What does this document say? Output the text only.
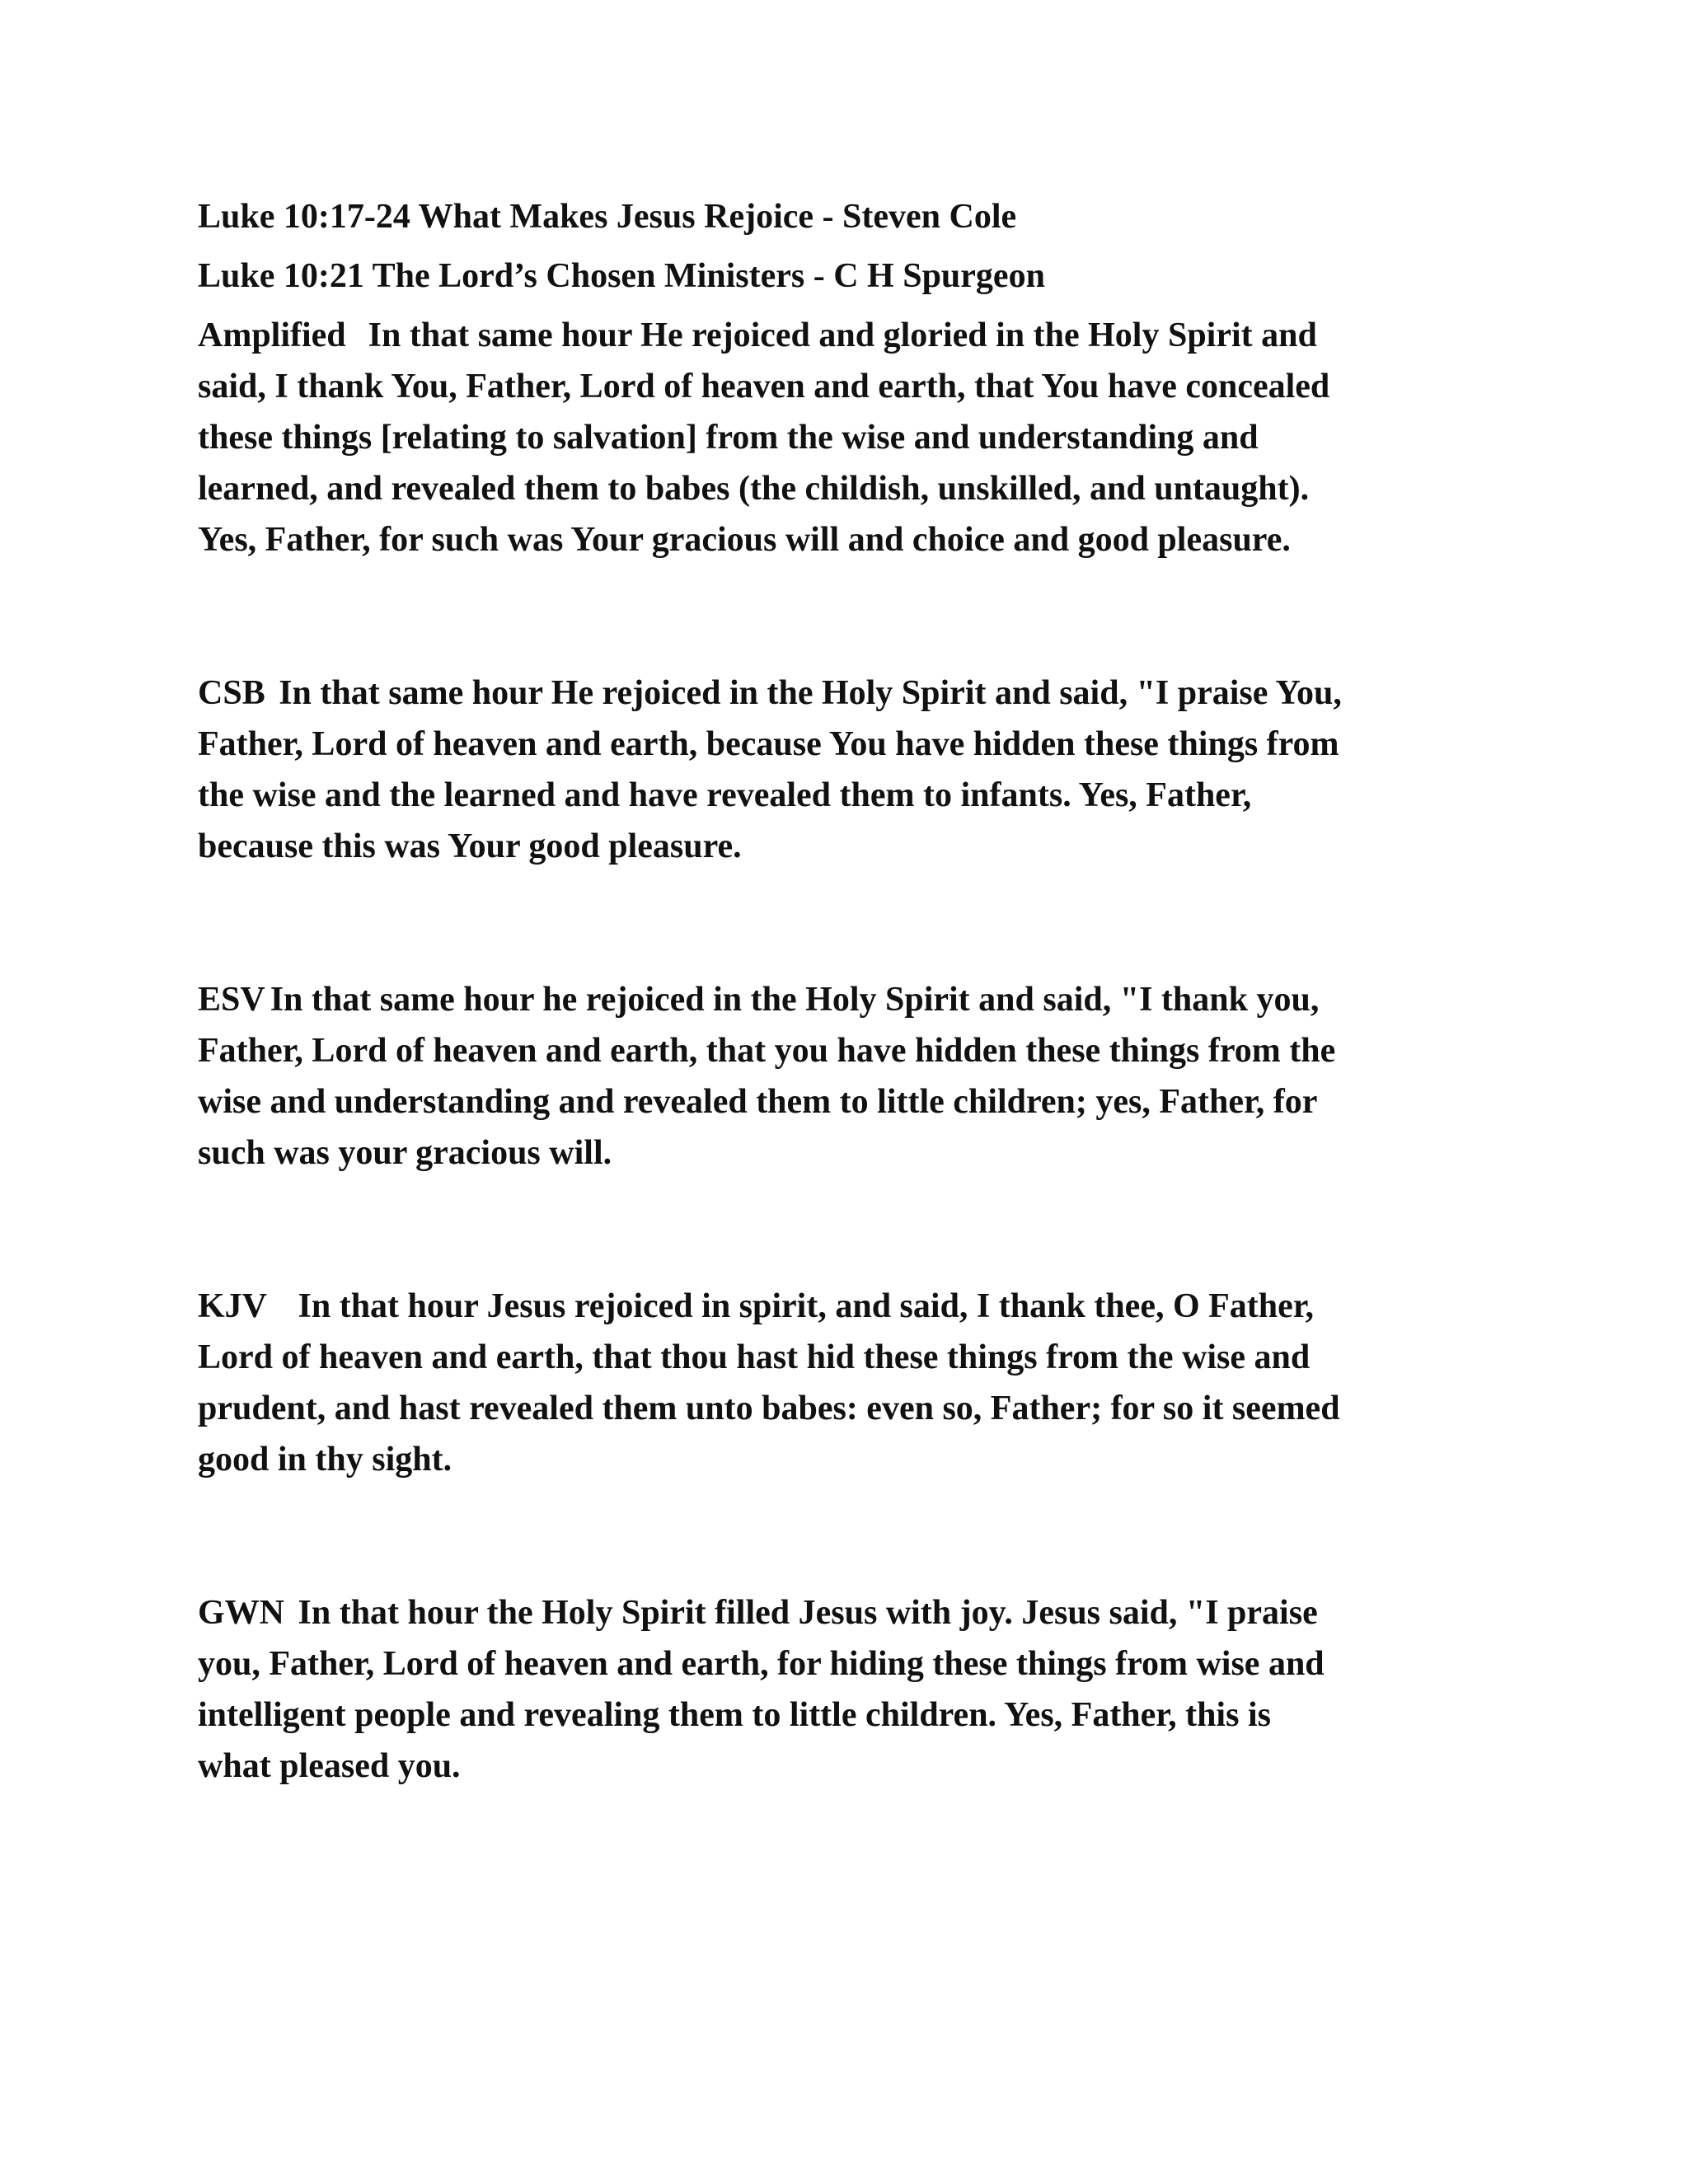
Luke 10:17-24 What Makes Jesus Rejoice - Steven Cole
Luke 10:21 The Lord’s Chosen Ministers - C H Spurgeon
Amplified In that same hour He rejoiced and gloried in the Holy Spirit and
said, I thank You, Father, Lord of heaven and earth, that You have concealed
these things [relating to salvation] from the wise and understanding and
learned, and revealed them to babes (the childish, unskilled, and untaught).
Yes, Father, for such was Your gracious will and choice and good pleasure.
CSB In that same hour He rejoiced in the Holy Spirit and said, "I praise You,
Father, Lord of heaven and earth, because You have hidden these things from
the wise and the learned and have revealed them to infants. Yes, Father,
because this was Your good pleasure.
ESV In that same hour he rejoiced in the Holy Spirit and said, "I thank you,
Father, Lord of heaven and earth, that you have hidden these things from the
wise and understanding and revealed them to little children; yes, Father, for
such was your gracious will.
KJV In that hour Jesus rejoiced in spirit, and said, I thank thee, O Father,
Lord of heaven and earth, that thou hast hid these things from the wise and
prudent, and hast revealed them unto babes: even so, Father; for so it seemed
good in thy sight.
GWN In that hour the Holy Spirit filled Jesus with joy. Jesus said, "I praise
you, Father, Lord of heaven and earth, for hiding these things from wise and
intelligent people and revealing them to little children. Yes, Father, this is
what pleased you.
